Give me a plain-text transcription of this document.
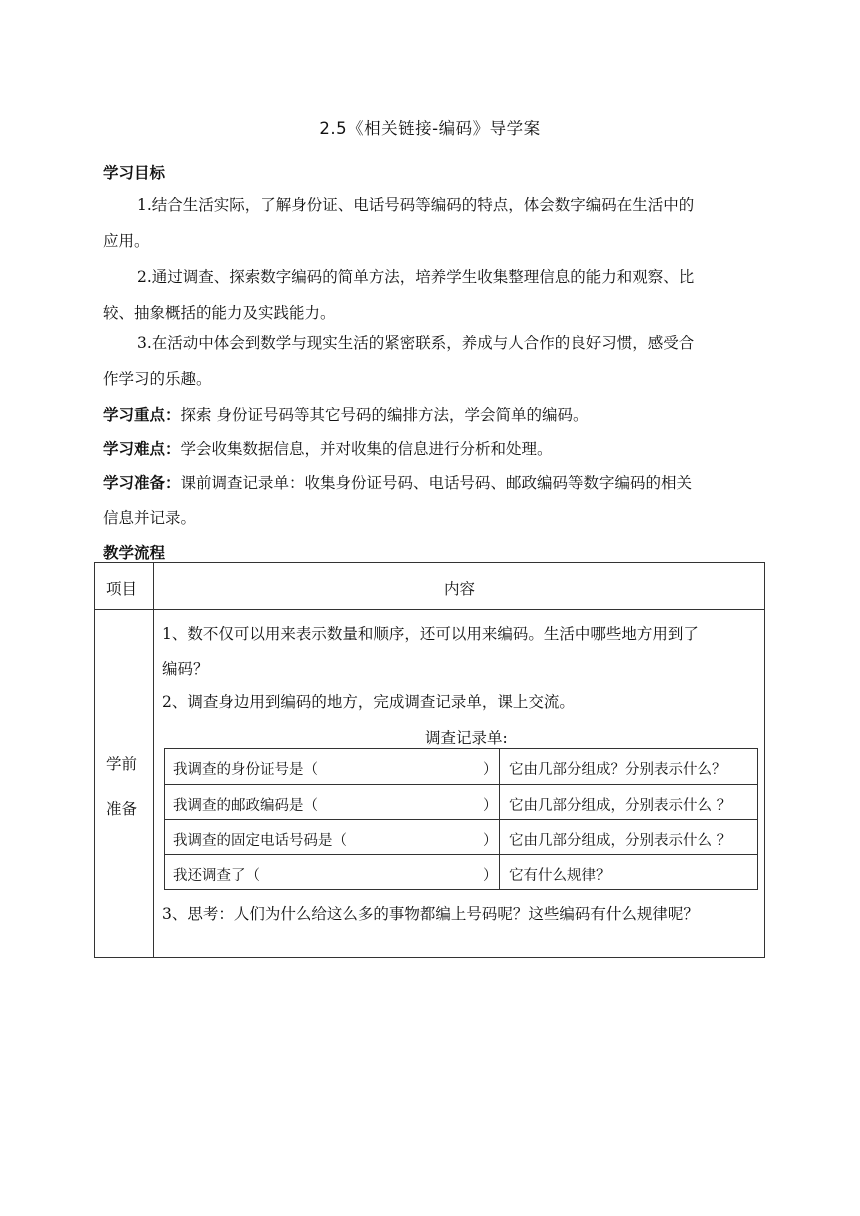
2.5《相关链接-编码》导学案
学习目标
1.结合生活实际，了解身份证、电话号码等编码的特点，体会数字编码在生活中的
应用。
2.通过调查、探索数字编码的简单方法，培养学生收集整理信息的能力和观察、比
较、抽象概括的能力及实践能力。
3.在活动中体会到数学与现实生活的紧密联系，养成与人合作的良好习惯，感受合
作学习的乐趣。
学习重点：探索 身份证号码等其它号码的编排方法，学会简单的编码。
学习难点：学会收集数据信息，并对收集的信息进行分析和处理。
学习准备：课前调查记录单：收集身份证号码、电话号码、邮政编码等数字编码的相关
信息并记录。
教学流程
项目	内容
学前
准备
1、数不仅可以用来表示数量和顺序，还可以用来编码。生活中哪些地方用到了
编码？
2、调查身边用到编码的地方，完成调查记录单，课上交流。
调查记录单:
我调查的身份证号是（	） 它由几部分组成？分别表示什么？
我调查的邮政编码是（	） 它由几部分组成，分别表示什么 ？
我调查的固定电话号码是（	） 它由几部分组成，分别表示什么 ？
我还调查了（	） 它有什么规律？
3、思考：人们为什么给这么多的事物都编上号码呢？这些编码有什么规律呢？
